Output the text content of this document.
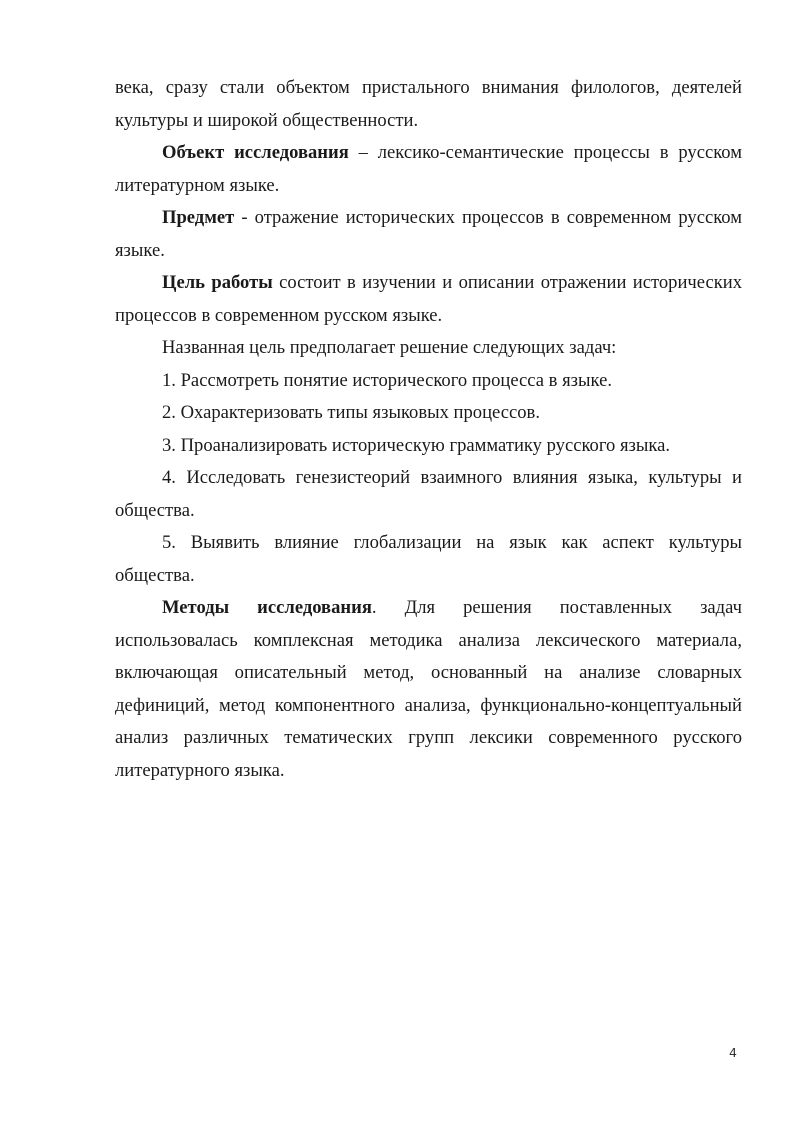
века, сразу стали объектом пристального внимания филологов, деятелей культуры и широкой общественности.

Объект исследования – лексико-семантические процессы в русском литературном языке.

Предмет - отражение исторических процессов в современном русском языке.

Цель работы состоит в изучении и описании отражении исторических процессов в современном русском языке.

Названная цель предполагает решение следующих задач:

1. Рассмотреть понятие исторического процесса в языке.

2. Охарактеризовать типы языковых процессов.

3. Проанализировать историческую грамматику русского языка.

4. Исследовать генезистеорий взаимного влияния языка, культуры и общества.

5. Выявить влияние глобализации на язык как аспект культуры общества.

Методы исследования. Для решения поставленных задач использовалась комплексная методика анализа лексического материала, включающая описательный метод, основанный на анализе словарных дефиниций, метод компонентного анализа, функционально-концептуальный анализ различных тематических групп лексики современного русского литературного языка.

4
